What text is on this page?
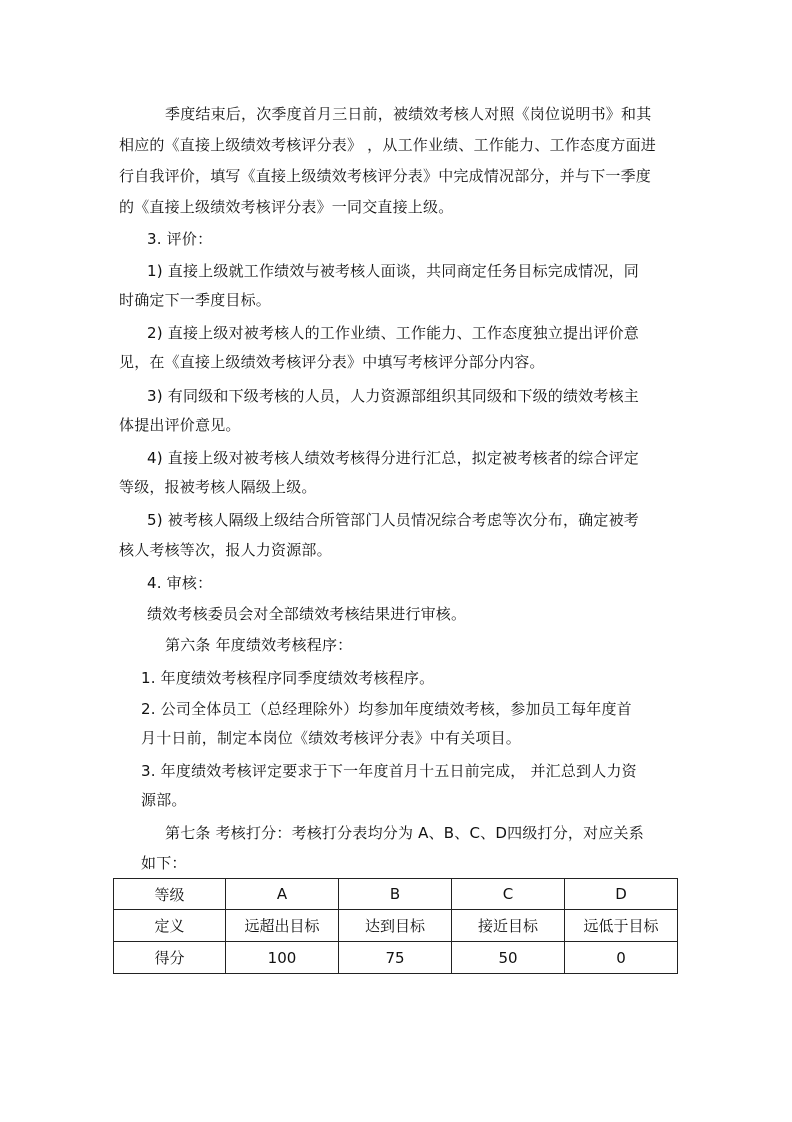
季度结束后，次季度首月三日前，被绩效考核人对照《岗位说明书》和其
相应的《直接上级绩效考核评分表》 ，从工作业绩、工作能力、工作态度方面进
行自我评价，填写《直接上级绩效考核评分表》中完成情况部分，并与下一季度
的《直接上级绩效考核评分表》一同交直接上级。
3. 评价：
1) 直接上级就工作绩效与被考核人面谈，共同商定任务目标完成情况，同
时确定下一季度目标。
2) 直接上级对被考核人的工作业绩、工作能力、工作态度独立提出评价意
见，在《直接上级绩效考核评分表》中填写考核评分部分内容。
3) 有同级和下级考核的人员，人力资源部组织其同级和下级的绩效考核主
体提出评价意见。
4) 直接上级对被考核人绩效考核得分进行汇总，拟定被考核者的综合评定
等级，报被考核人隔级上级。
5) 被考核人隔级上级结合所管部门人员情况综合考虑等次分布，确定被考
核人考核等次，报人力资源部。
4. 审核：
绩效考核委员会对全部绩效考核结果进行审核。
第六条 年度绩效考核程序：
1. 年度绩效考核程序同季度绩效考核程序。
2. 公司全体员工（总经理除外）均参加年度绩效考核，参加员工每年度首
月十日前，制定本岗位《绩效考核评分表》中有关项目。
3. 年度绩效考核评定要求于下一年度首月十五日前完成， 并汇总到人力资
源部。
第七条 考核打分：考核打分表均分为 A、B、C、D四级打分，对应关系
如下：
等级	A	B	C	D
定义	远超出目标	达到目标	接近目标	远低于目标
得分	100	75	50	0
